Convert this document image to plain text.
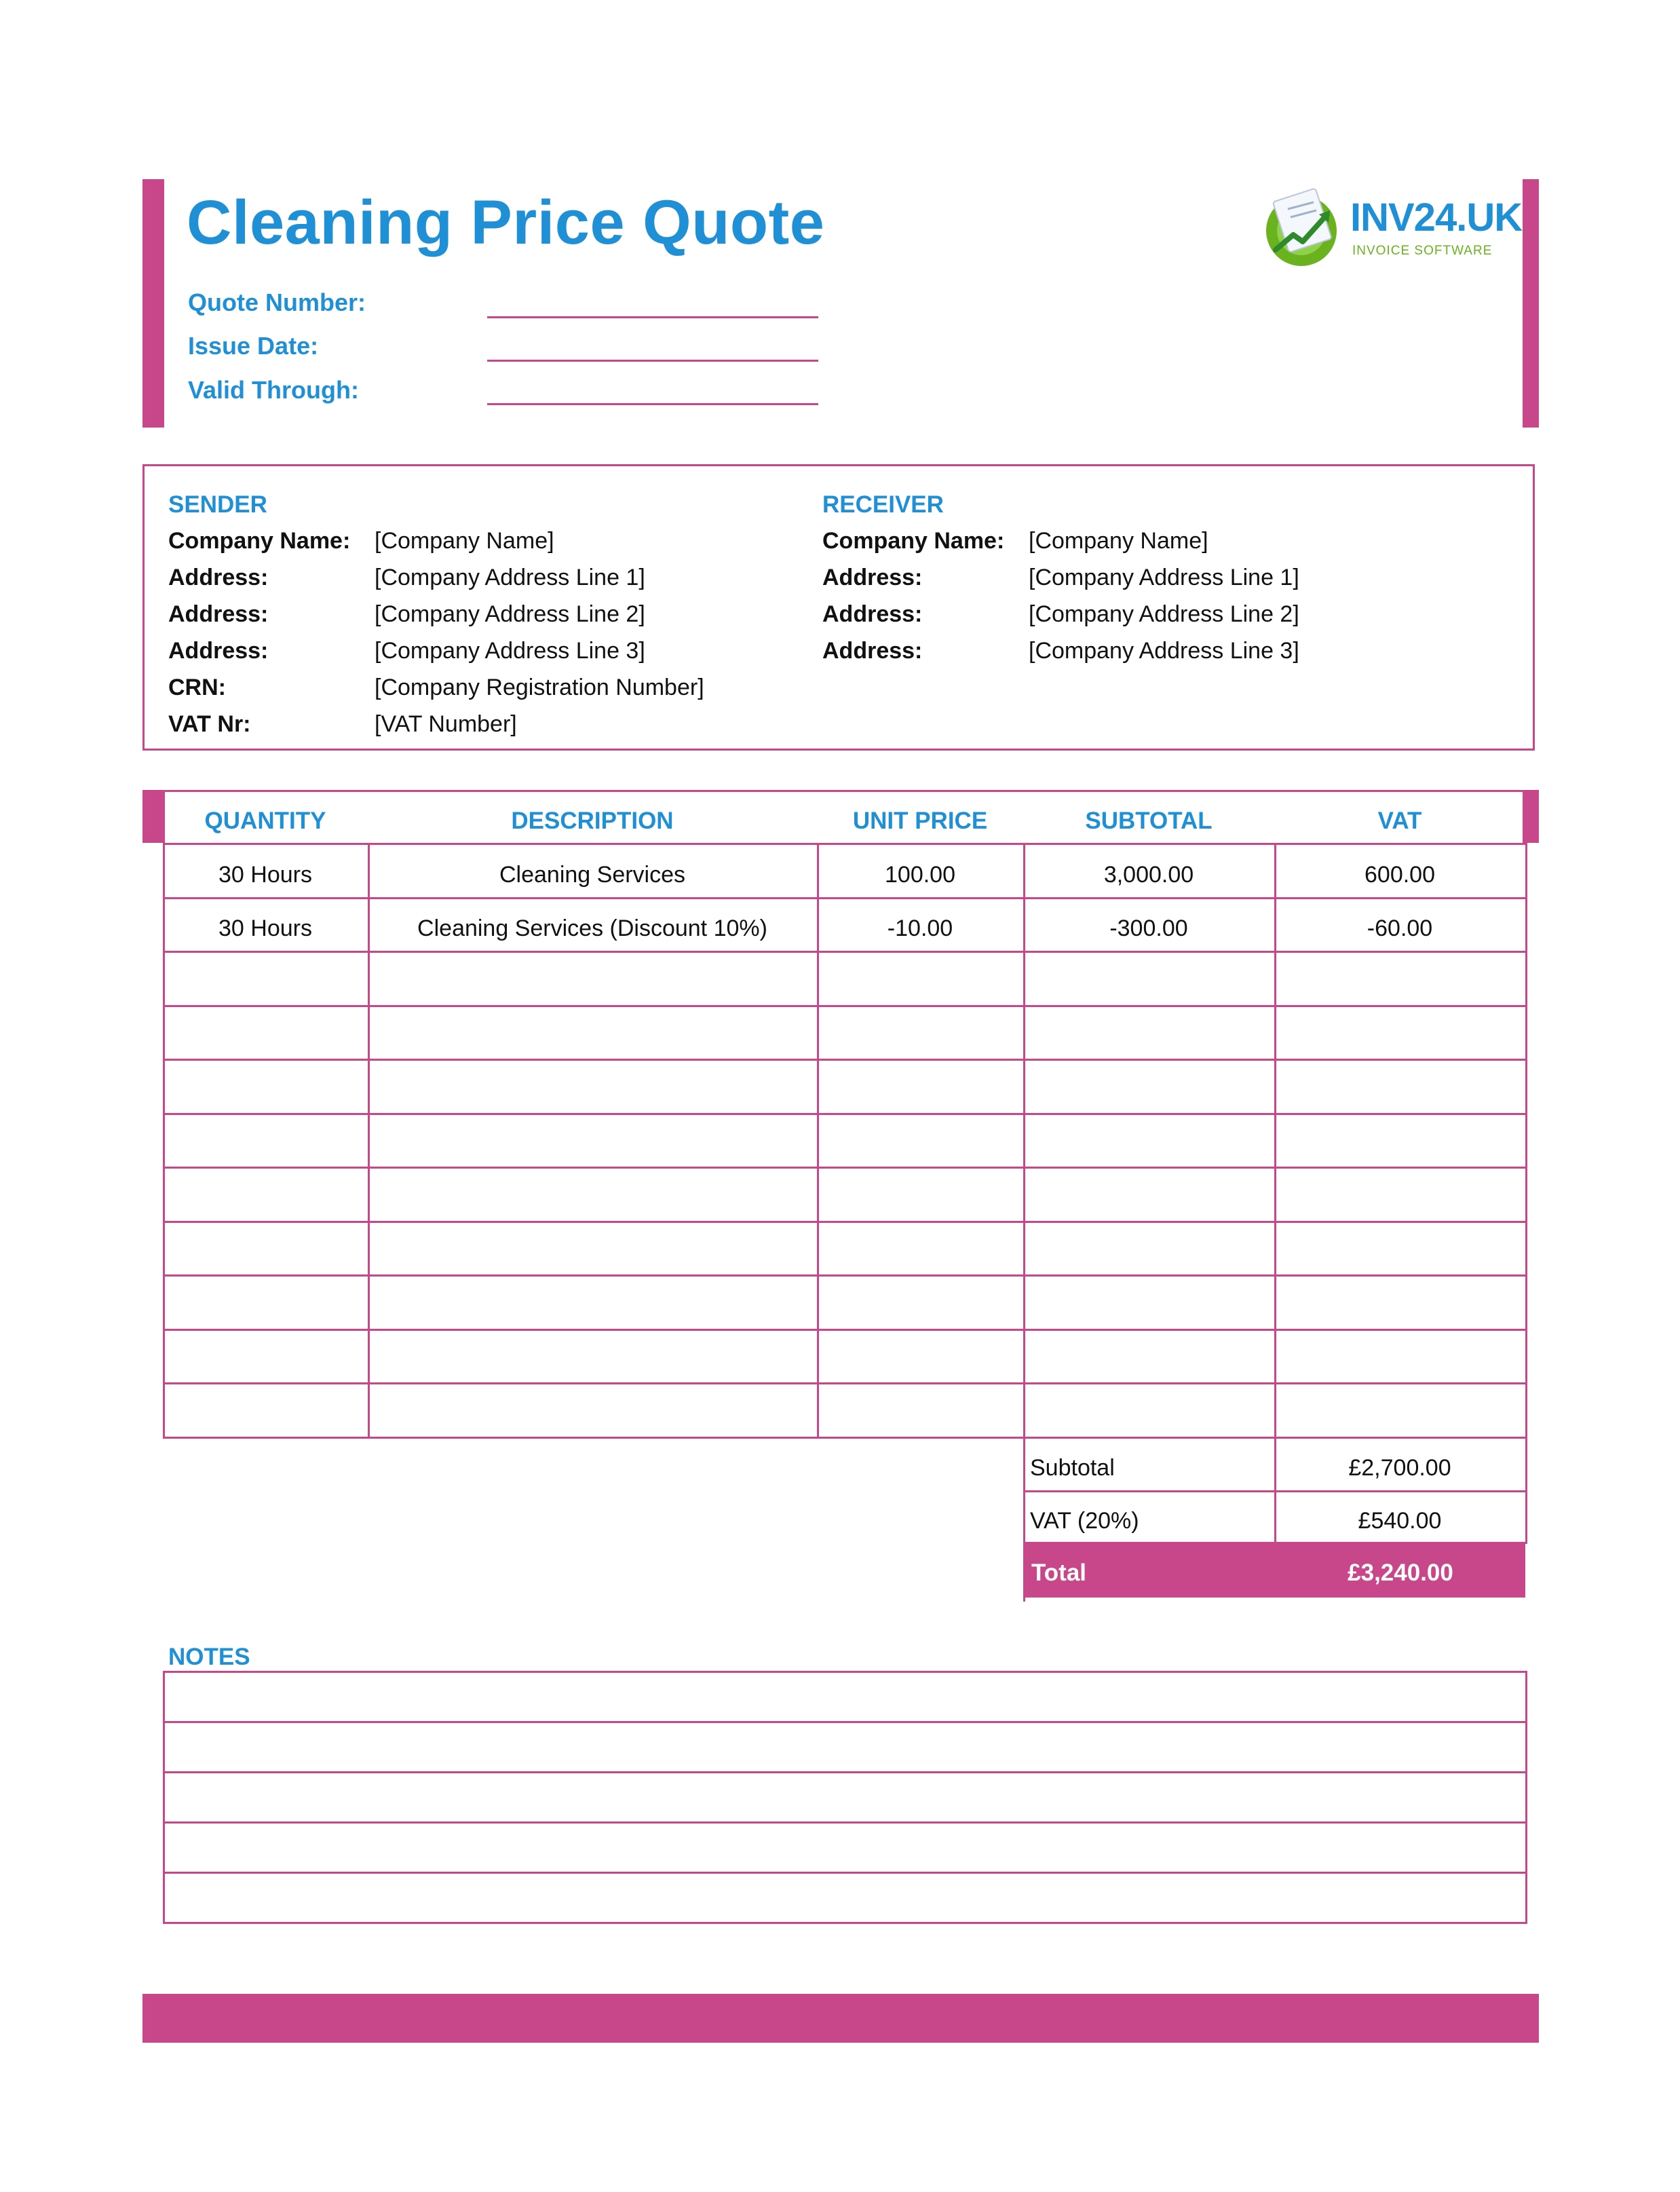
Cleaning Price Quote
Quote Number:
Issue Date:
Valid Through:
INV24.UK
INVOICE SOFTWARE
SENDER
Company Name: [Company Name]
Address:	[Company Address Line 1]
Address:	[Company Address Line 2]
Address:	[Company Address Line 3]
CRN:	[Company Registration Number]
VAT Nr:	[VAT Number]
RECEIVER
Company Name: [Company Name]
Address:	[Company Address Line 1]
Address:	[Company Address Line 2]
Address:	[Company Address Line 3]
QUANTITY	DESCRIPTION	UNIT PRICE	SUBTOTAL	VAT
30 Hours	Cleaning Services	100.00	3,000.00	600.00
30 Hours	Cleaning Services (Discount 10%)	-10.00	-300.00	-60.00
Subtotal	£2,700.00
VAT (20%)	£540.00
Total	£3,240.00
NOTES
